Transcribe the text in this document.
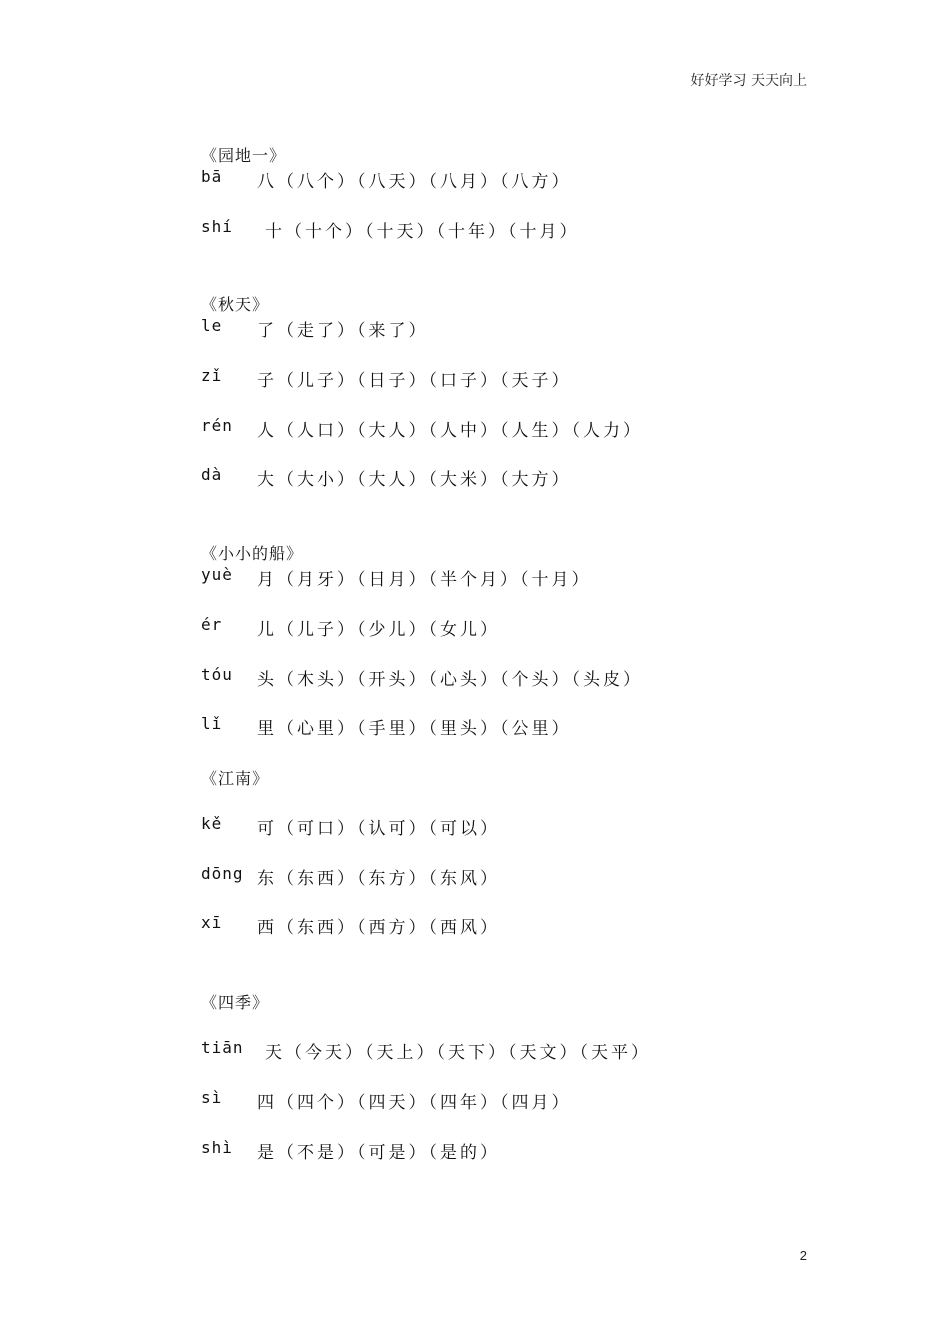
好好学习 天天向上
《园地一》
bā 八（八个）（八天）（八月）（八方）
shí 十（十个）（十天）（十年）（十月）
《秋天》
le 了（走了）（来了）
zǐ 子（儿子）（日子）（口子）（天子）
rén 人（人口）（大人）（人中）（人生）（人力）
dà 大（大小）（大人）（大米）（大方）
《小小的船》
yuè 月（月牙）（日月）（半个月）（十月）
ér 儿（儿子）（少儿）（女儿）
tóu 头（木头）（开头）（心头）（个头）（头皮）
lǐ 里（心里）（手里）（里头）（公里）
《江南》
kě 可（可口）（认可）（可以）
dōng 东（东西）（东方）（东风）
xī 西（东西）（西方）（西风）
《四季》
tiān 天（今天）（天上）（天下）（天文）（天平）
sì 四（四个）（四天）（四年）（四月）
shì 是（不是）（可是）（是的）
2
